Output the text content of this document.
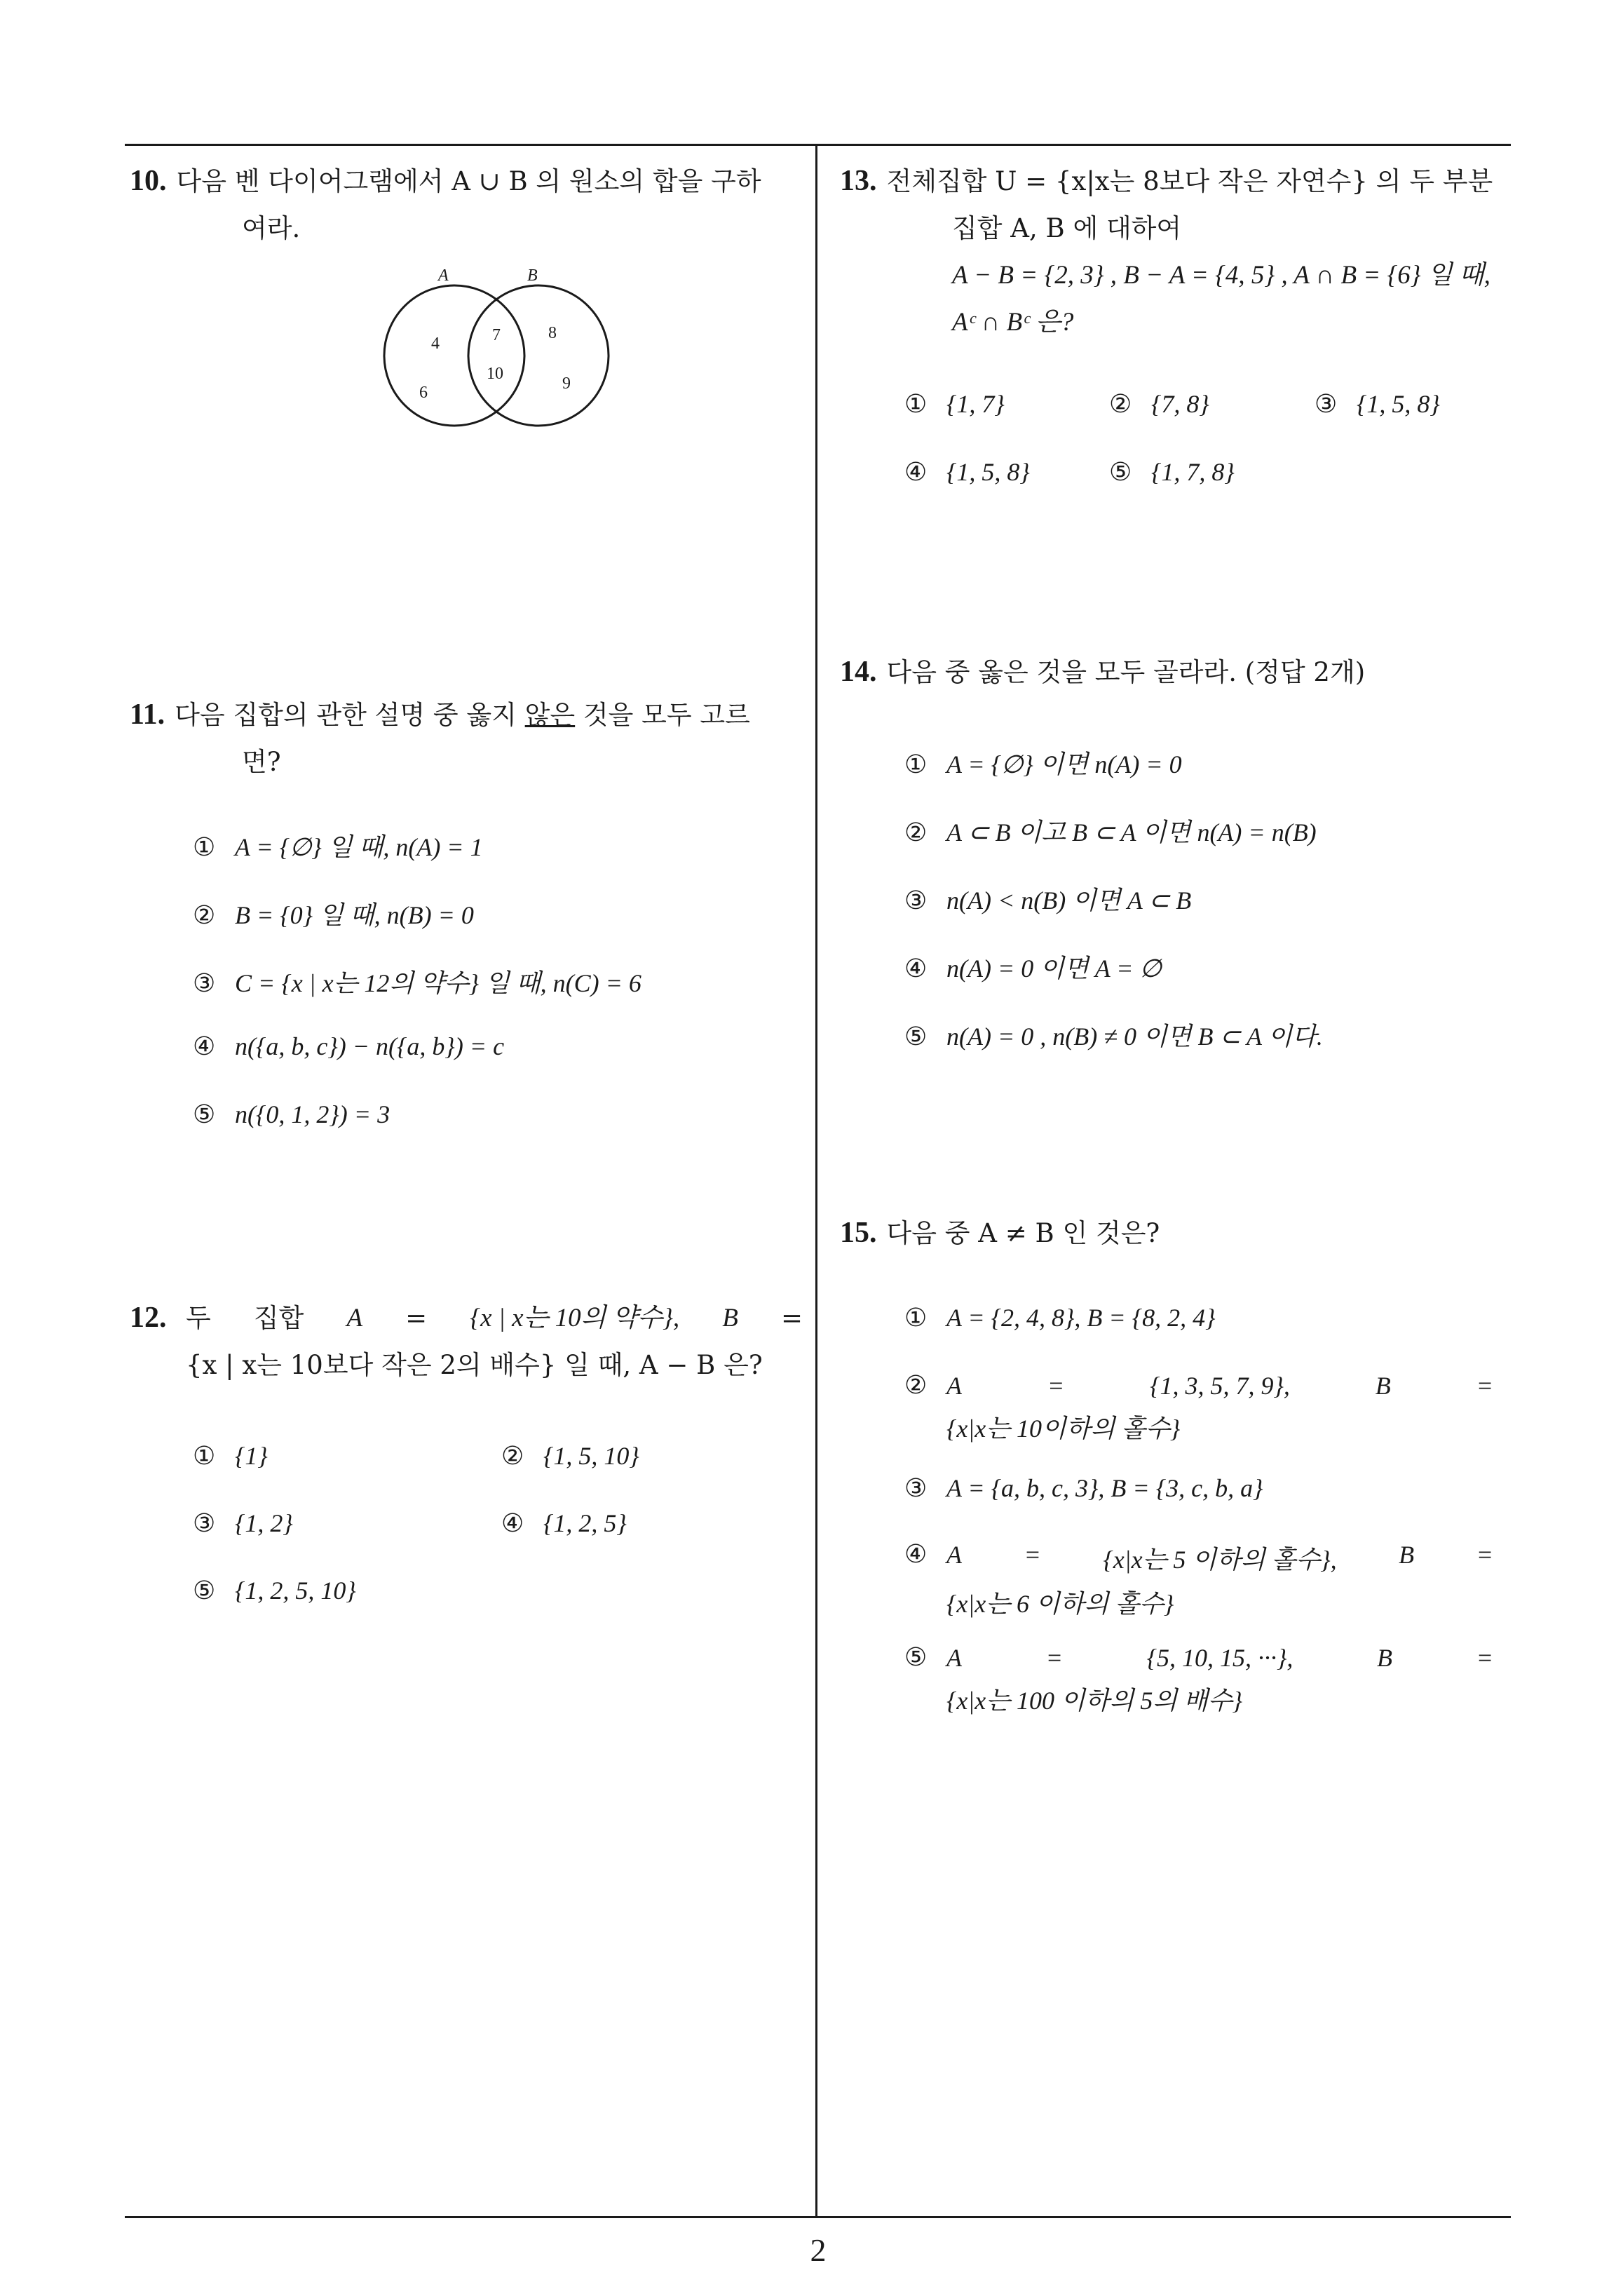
10. 다음 벤 다이어그램에서 A ∪ B 의 원소의 합을 구하
여라.
A	B
4
6
7
10
8
9
11. 다음 집합의 관한 설명 중 옳지 않은 것을 모두 고르
면?
① A = {∅} 일 때, n(A) = 1
② B = {0} 일 때, n(B) = 0
③ C = {x | x는 12의 약수} 일 때, n(C) = 6
④ n({a, b, c}) − n({a, b}) = c
⑤ n({0, 1, 2}) = 3
12. 두 집합 A = {x | x는 10의 약수}, B =
{x | x는 10보다 작은 2의 배수} 일 때, A − B 은?
① {1}	② {1, 5, 10}
③ {1, 2}	④ {1, 2, 5}
⑤ {1, 2, 5, 10}
13. 전체집합 U = {x|x는 8보다 작은 자연수} 의 두 부분
집합 A, B 에 대하여
A − B = {2, 3} , B − A = {4, 5} , A ∩ B = {6} 일 때,
Aᶜ ∩ Bᶜ 은?
① {1, 7}	② {7, 8}	③ {1, 5, 8}
④ {1, 5, 8}	⑤ {1, 7, 8}
14. 다음 중 옳은 것을 모두 골라라. (정답 2개)
① A = {∅} 이면 n(A) = 0
② A ⊂ B 이고 B ⊂ A 이면 n(A) = n(B)
③ n(A) < n(B) 이면 A ⊂ B
④ n(A) = 0 이면 A = ∅
⑤ n(A) = 0 , n(B) ≠ 0 이면 B ⊂ A 이다.
15. 다음 중 A ≠ B 인 것은?
① A = {2, 4, 8}, B = {8, 2, 4}
② A	=	{1, 3, 5, 7, 9},	B	=
{x|x는 10이하의 홀수}
③ A = {a, b, c, 3}, B = {3, c, b, a}
④ A = {x|x는 5 이하의 홀수}, B =
{x|x는 6 이하의 홀수}
⑤ A	=	{5, 10, 15, ···},	B	=
{x|x는 100 이하의 5의 배수}
2
